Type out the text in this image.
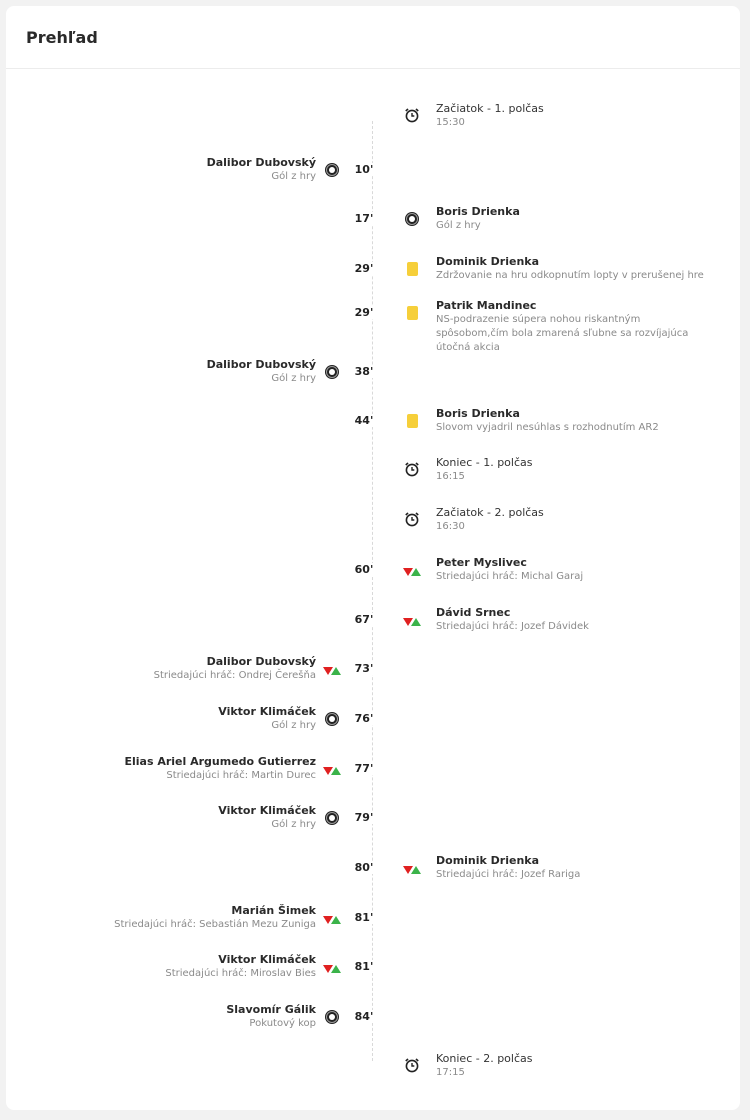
Prehľad
Začiatok - 1. polčas
15:30
10'
Dalibor Dubovský
Gól z hry
17'
Boris Drienka
Gól z hry
29'
Dominik Drienka
Zdržovanie na hru odkopnutím lopty v prerušenej hre
29'
Patrik Mandinec
NS-podrazenie súpera nohou riskantným spôsobom,čím bola zmarená sľubne sa rozvíjajúca útočná akcia
38'
Dalibor Dubovský
Gól z hry
44'
Boris Drienka
Slovom vyjadril nesúhlas s rozhodnutím AR2
Koniec - 1. polčas
16:15
Začiatok - 2. polčas
16:30
60'
Peter Myslivec
Striedajúci hráč: Michal Garaj
67'
Dávid Srnec
Striedajúci hráč: Jozef Dávidek
73'
Dalibor Dubovský
Striedajúci hráč: Ondrej Čerešňa
76'
Viktor Klimáček
Gól z hry
77'
Elias Ariel Argumedo Gutierrez
Striedajúci hráč: Martin Durec
79'
Viktor Klimáček
Gól z hry
80'
Dominik Drienka
Striedajúci hráč: Jozef Rariga
81'
Marián Šimek
Striedajúci hráč: Sebastián Mezu Zuniga
81'
Viktor Klimáček
Striedajúci hráč: Miroslav Bies
84'
Slavomír Gálik
Pokutový kop
Koniec - 2. polčas
17:15
